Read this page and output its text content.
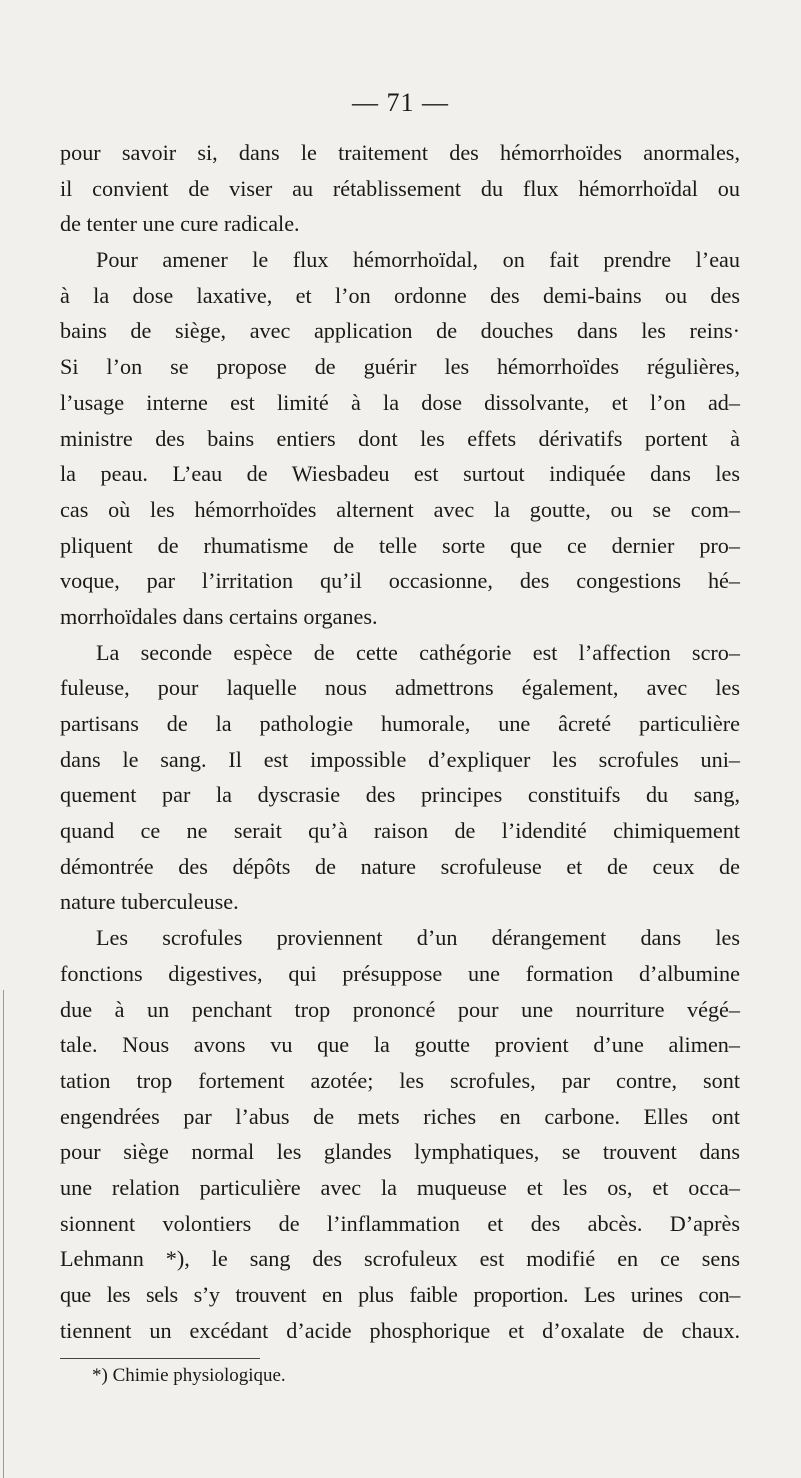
— 71 —
pour savoir si, dans le traitement des hémorrhoïdes anormales,
il convient de viser au rétablissement du flux hémorrhoïdal ou
de tenter une cure radicale.
Pour amener le flux hémorrhoïdal, on fait prendre l’eau
à la dose laxative, et l’on ordonne des demi-bains ou des
bains de siège, avec application de douches dans les reins·
Si l’on se propose de guérir les hémorrhoïdes régulières,
l’usage interne est limité à la dose dissolvante, et l’on ad–
ministre des bains entiers dont les effets dérivatifs portent à
la peau. L’eau de Wiesbadeu est surtout indiquée dans les
cas où les hémorrhoïdes alternent avec la goutte, ou se com–
pliquent de rhumatisme de telle sorte que ce dernier pro–
voque, par l’irritation qu’il occasionne, des congestions hé–
morrhoïdales dans certains organes.
La seconde espèce de cette cathégorie est l’affection scro–
fuleuse, pour laquelle nous admettrons également, avec les
partisans de la pathologie humorale, une âcreté particulière
dans le sang. Il est impossible d’expliquer les scrofules uni–
quement par la dyscrasie des principes constituifs du sang,
quand ce ne serait qu’à raison de l’idendité chimiquement
démontrée des dépôts de nature scrofuleuse et de ceux de
nature tuberculeuse.
Les scrofules proviennent d’un dérangement dans les
fonctions digestives, qui présuppose une formation d’albumine
due à un penchant trop prononcé pour une nourriture végé–
tale. Nous avons vu que la goutte provient d’une alimen–
tation trop fortement azotée; les scrofules, par contre, sont
engendrées par l’abus de mets riches en carbone. Elles ont
pour siège normal les glandes lymphatiques, se trouvent dans
une relation particulière avec la muqueuse et les os, et occa–
sionnent volontiers de l’inflammation et des abcès. D’après
Lehmann *), le sang des scrofuleux est modifié en ce sens
que les sels s’y trouvent en plus faible proportion. Les urines con–
tiennent un excédant d’acide phosphorique et d’oxalate de chaux.
*) Chimie physiologique.
